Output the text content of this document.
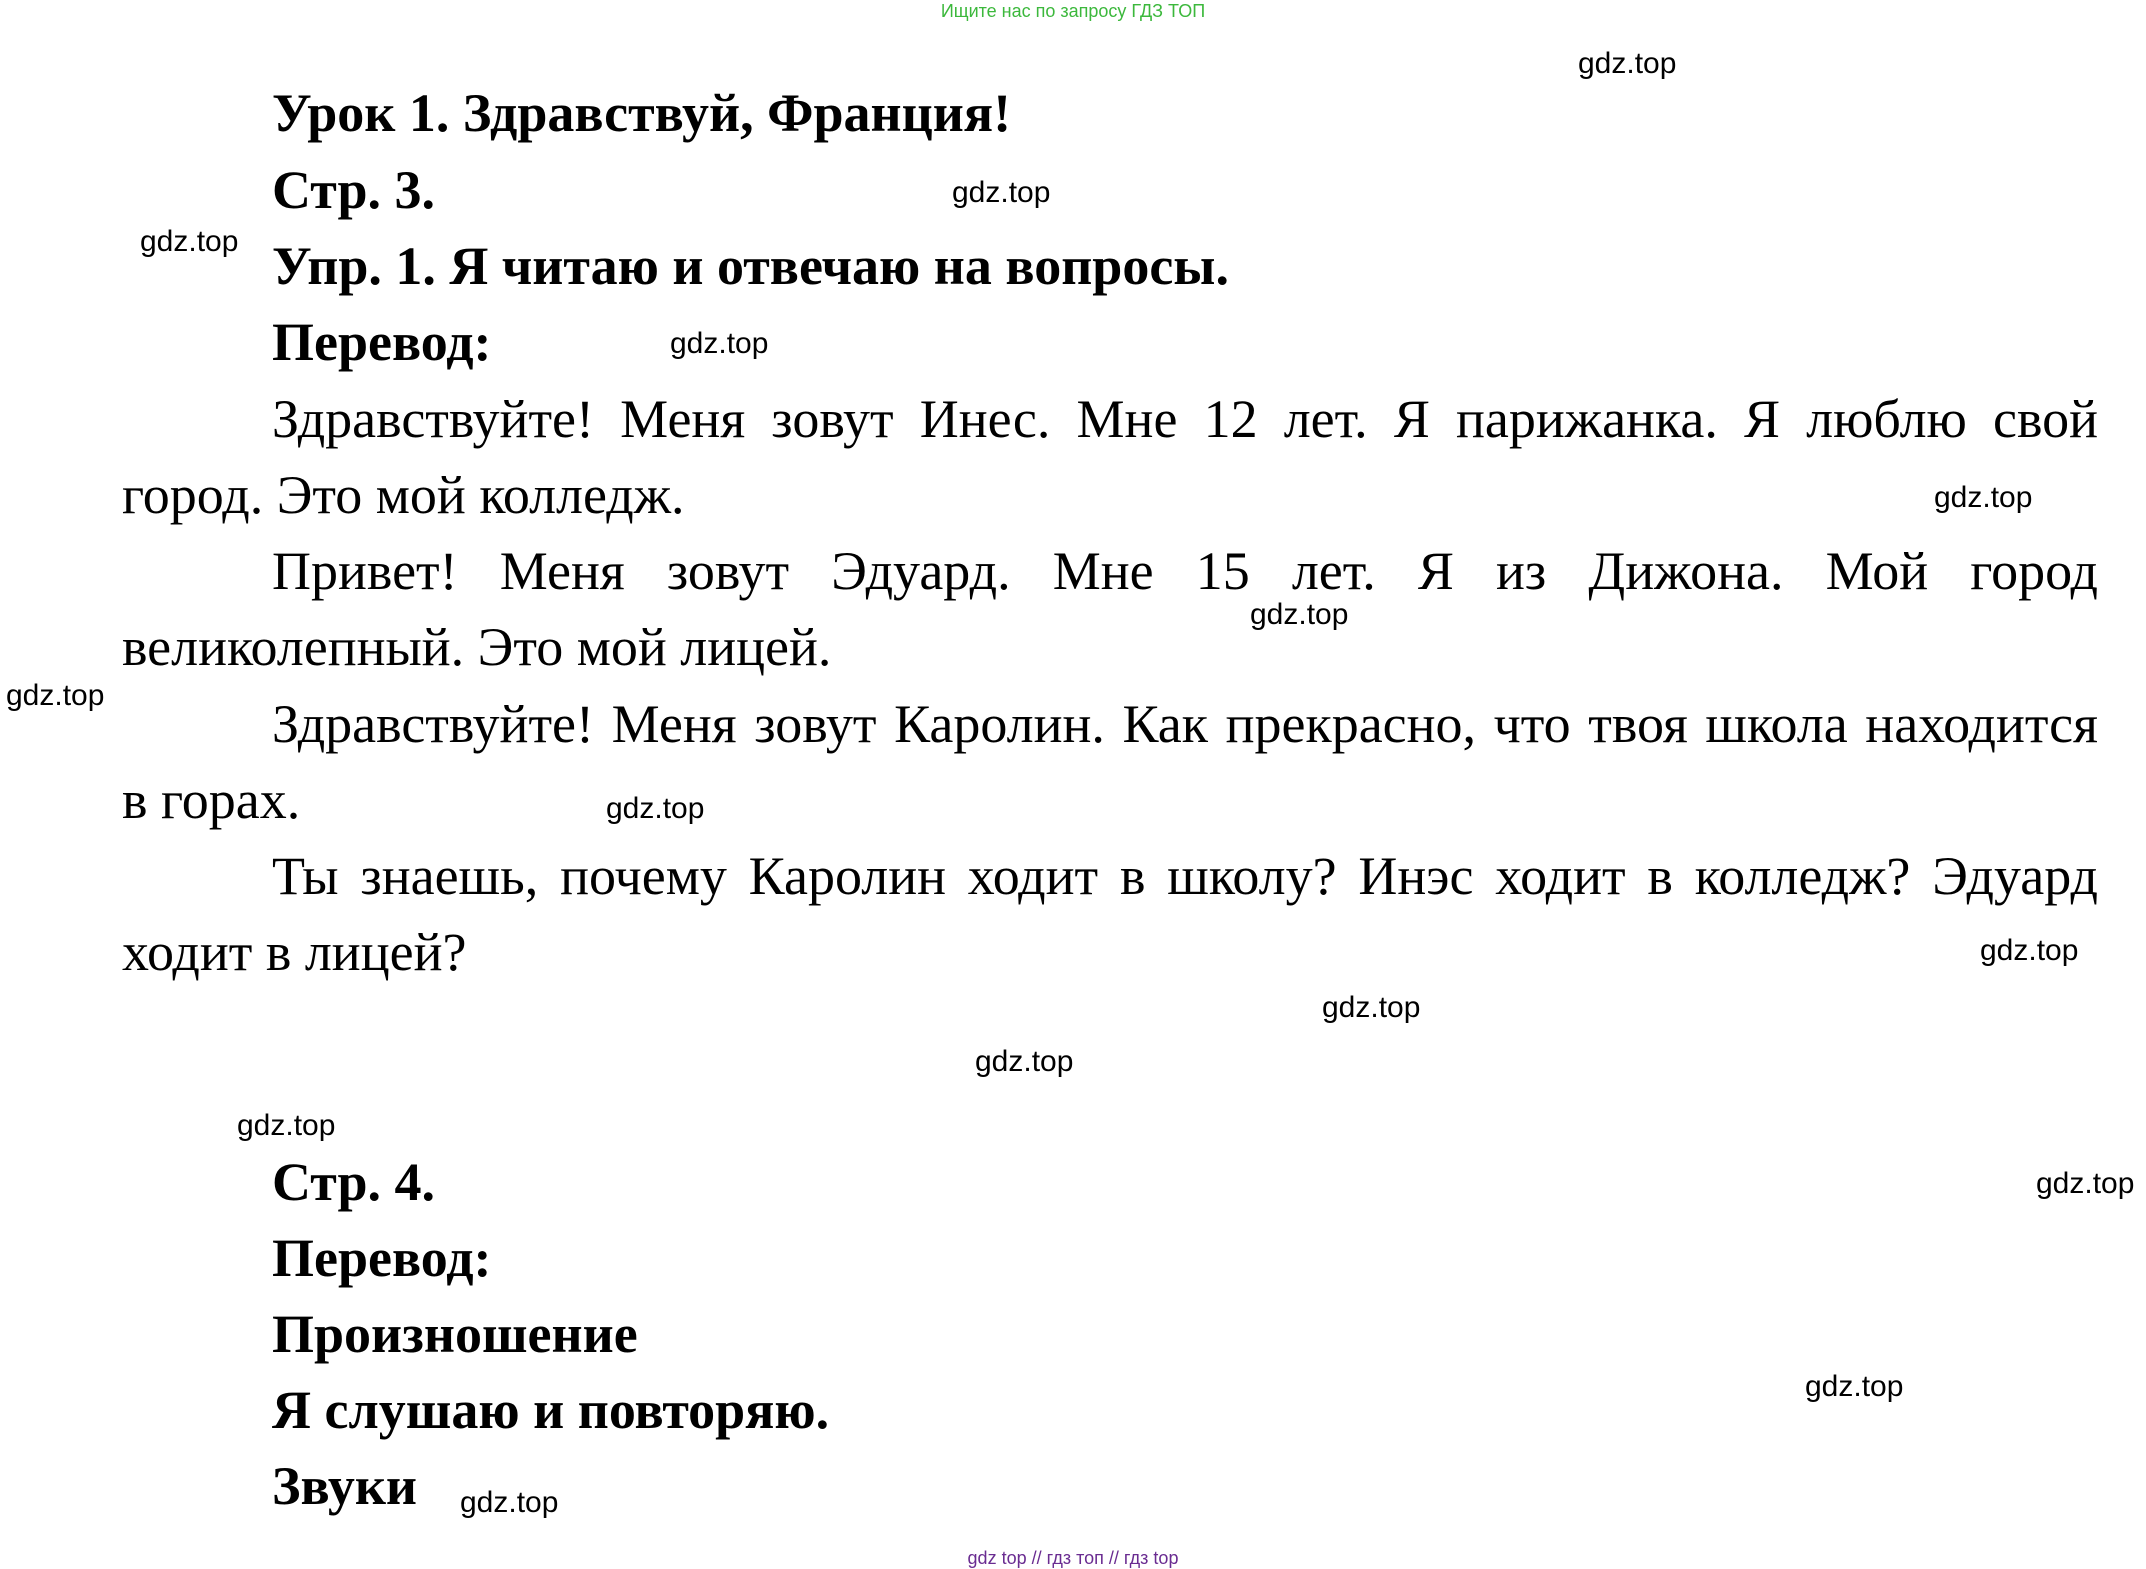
Ищите нас по запросу ГДЗ ТОП
Урок 1. Здравствуй, Франция!
Стр. 3.
Упр. 1. Я читаю и отвечаю на вопросы.
Перевод:
Здравствуйте! Меня зовут Инес. Мне 12 лет. Я парижанка. Я люблю свой город. Это мой колледж.
Привет! Меня зовут Эдуард. Мне 15 лет. Я из Дижона. Мой город великолепный. Это мой лицей.
Здравствуйте! Меня зовут Каролин. Как прекрасно, что твоя школа находится в горах.
Ты знаешь, почему Каролин ходит в школу? Инэс ходит в колледж? Эдуард ходит в лицей?
Стр. 4.
Перевод:
Произношение
Я слушаю и повторяю.
Звуки
gdz.top
gdz.top
gdz.top
gdz.top
gdz.top
gdz.top
gdz.top
gdz.top
gdz.top
gdz.top
gdz.top
gdz.top
gdz.top
gdz.top
gdz.top
gdz top // гдз топ // гдз top
